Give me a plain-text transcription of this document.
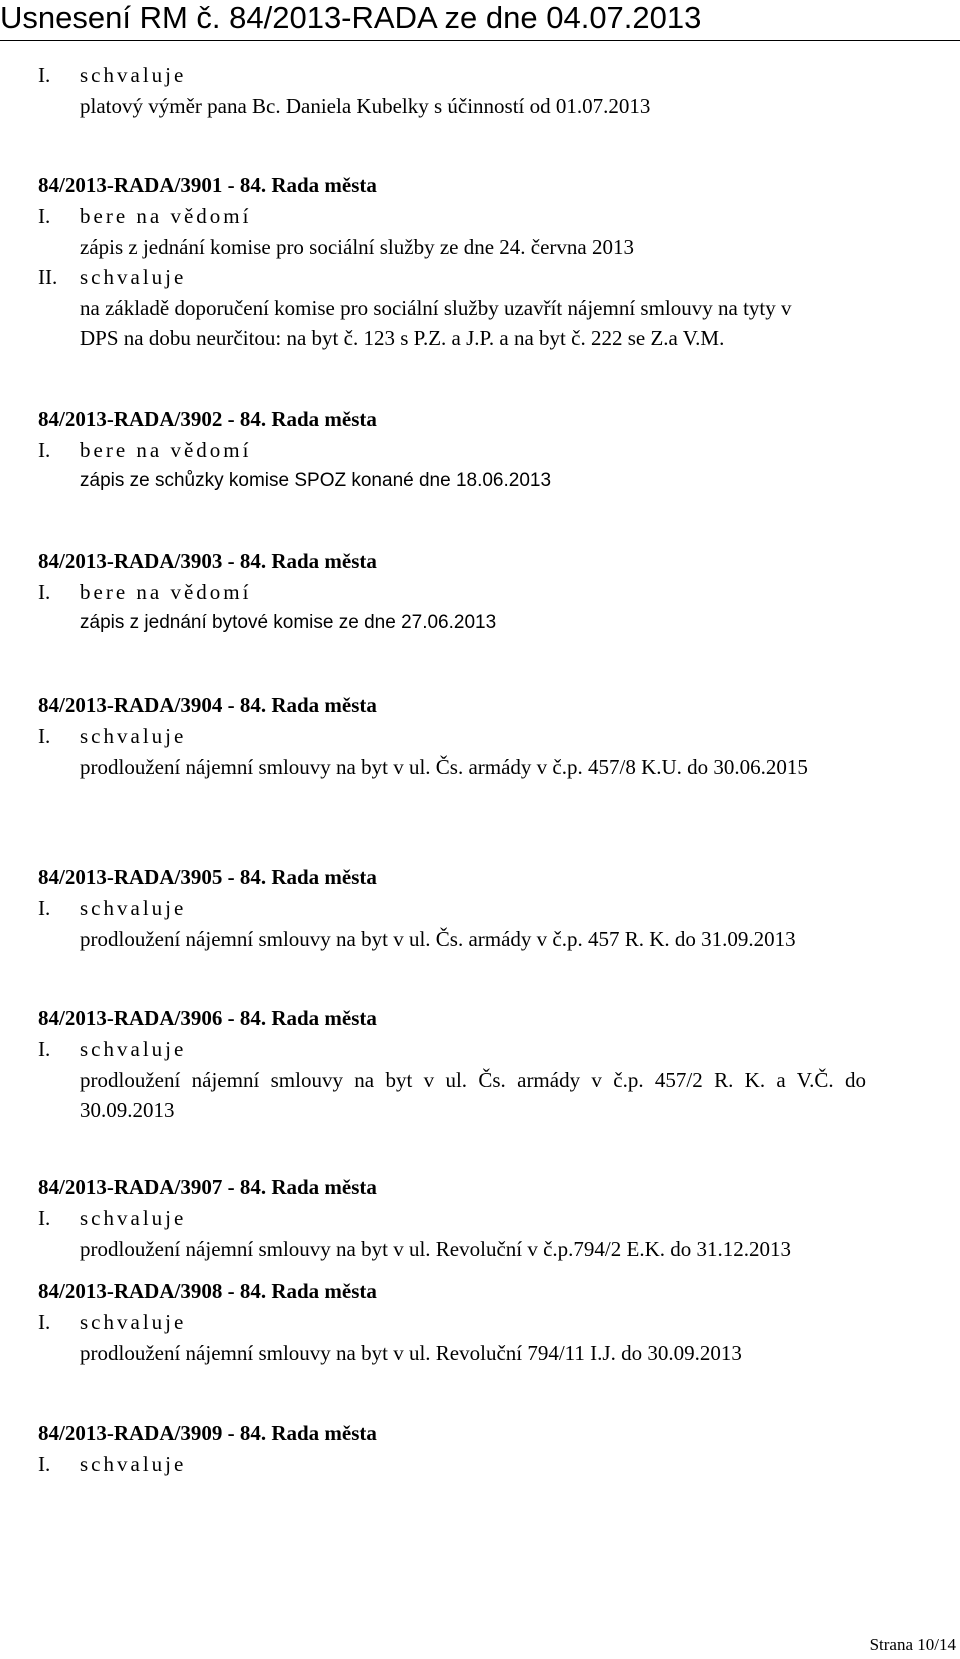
Usnesení RM č. 84/2013-RADA ze dne 04.07.2013
I. schvaluje
platový výměr pana Bc. Daniela Kubelky s účinností od 01.07.2013
84/2013-RADA/3901 - 84. Rada města
I. bere na vědomí
zápis z jednání komise pro sociální služby ze dne 24. června 2013
II. schvaluje
na základě doporučení komise pro sociální služby uzavřít nájemní smlouvy na tyty v
DPS na dobu neurčitou: na byt č. 123 s P.Z. a J.P. a na byt č. 222 se Z.a V.M.
84/2013-RADA/3902 - 84. Rada města
I. bere na vědomí
zápis ze schůzky komise SPOZ konané dne 18.06.2013
84/2013-RADA/3903 - 84. Rada města
I. bere na vědomí
zápis z jednání bytové komise ze dne 27.06.2013
84/2013-RADA/3904 - 84. Rada města
I. schvaluje
prodloužení nájemní smlouvy na byt v ul. Čs. armády v č.p. 457/8 K.U. do 30.06.2015
84/2013-RADA/3905 - 84. Rada města
I. schvaluje
prodloužení nájemní smlouvy na byt v ul. Čs. armády v č.p. 457 R. K. do 31.09.2013
84/2013-RADA/3906 - 84. Rada města
I. schvaluje
prodloužení nájemní smlouvy na byt v ul. Čs. armády v č.p. 457/2 R. K. a V.Č. do 30.09.2013
84/2013-RADA/3907 - 84. Rada města
I. schvaluje
prodloužení nájemní smlouvy na byt v ul. Revoluční v č.p.794/2 E.K. do 31.12.2013
84/2013-RADA/3908 - 84. Rada města
I. schvaluje
prodloužení nájemní smlouvy na byt v ul. Revoluční 794/11 I.J. do 30.09.2013
84/2013-RADA/3909 - 84. Rada města
I. schvaluje
Strana 10/14
